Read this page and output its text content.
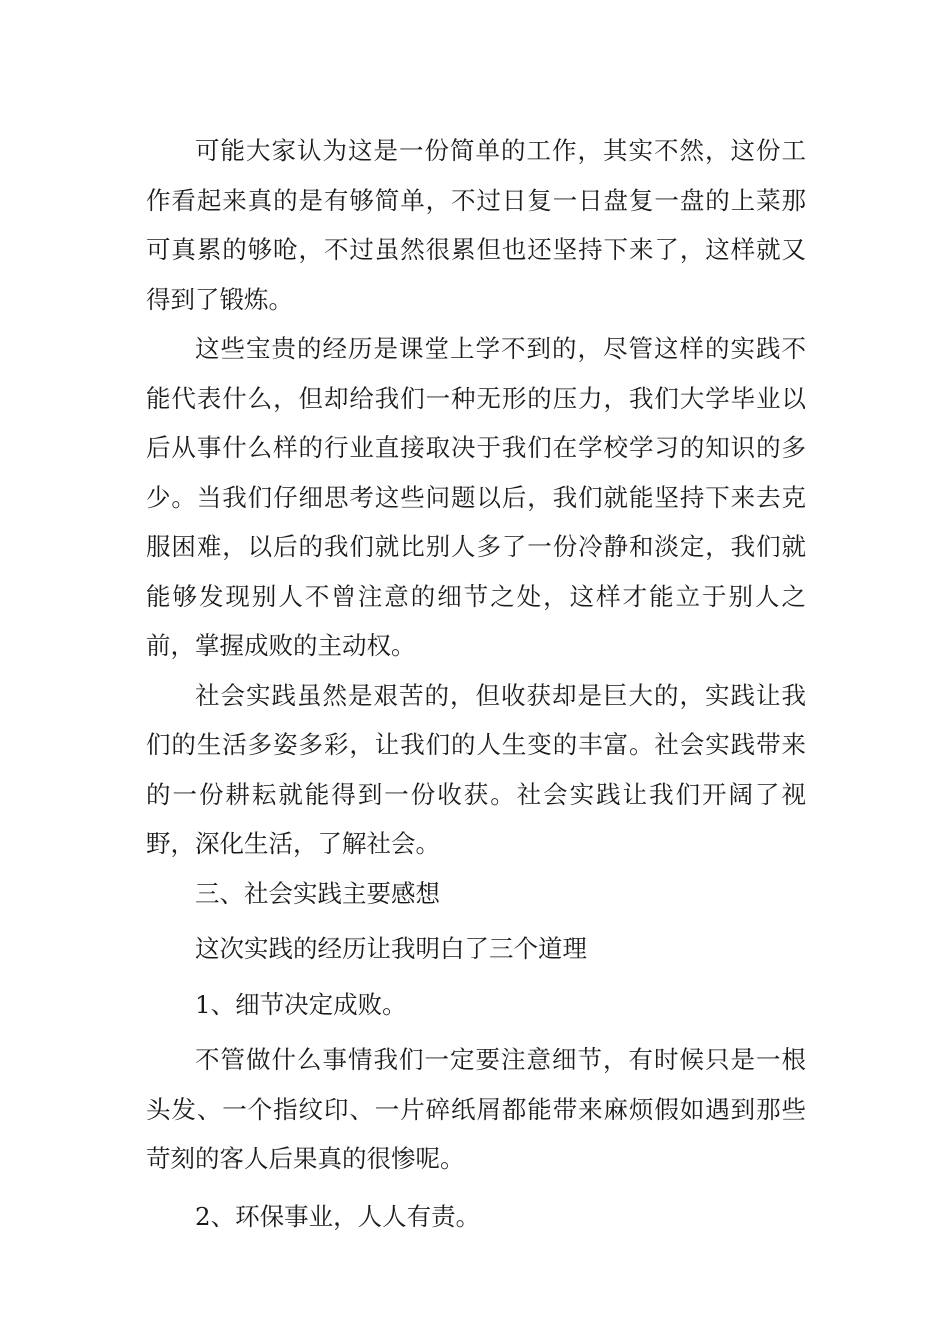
可能大家认为这是一份简单的工作，其实不然，这份工作看起来真的是有够简单，不过日复一日盘复一盘的上菜那可真累的够呛，不过虽然很累但也还坚持下来了，这样就又得到了锻炼。

这些宝贵的经历是课堂上学不到的，尽管这样的实践不能代表什么，但却给我们一种无形的压力，我们大学毕业以后从事什么样的行业直接取决于我们在学校学习的知识的多少。当我们仔细思考这些问题以后，我们就能坚持下来去克服困难，以后的我们就比别人多了一份冷静和淡定，我们就能够发现别人不曾注意的细节之处，这样才能立于别人之前，掌握成败的主动权。

社会实践虽然是艰苦的，但收获却是巨大的，实践让我们的生活多姿多彩，让我们的人生变的丰富。社会实践带来的一份耕耘就能得到一份收获。社会实践让我们开阔了视野，深化生活，了解社会。

三、社会实践主要感想

这次实践的经历让我明白了三个道理

1、细节决定成败。

不管做什么事情我们一定要注意细节，有时候只是一根头发、一个指纹印、一片碎纸屑都能带来麻烦假如遇到那些苛刻的客人后果真的很惨呢。

2、环保事业，人人有责。
